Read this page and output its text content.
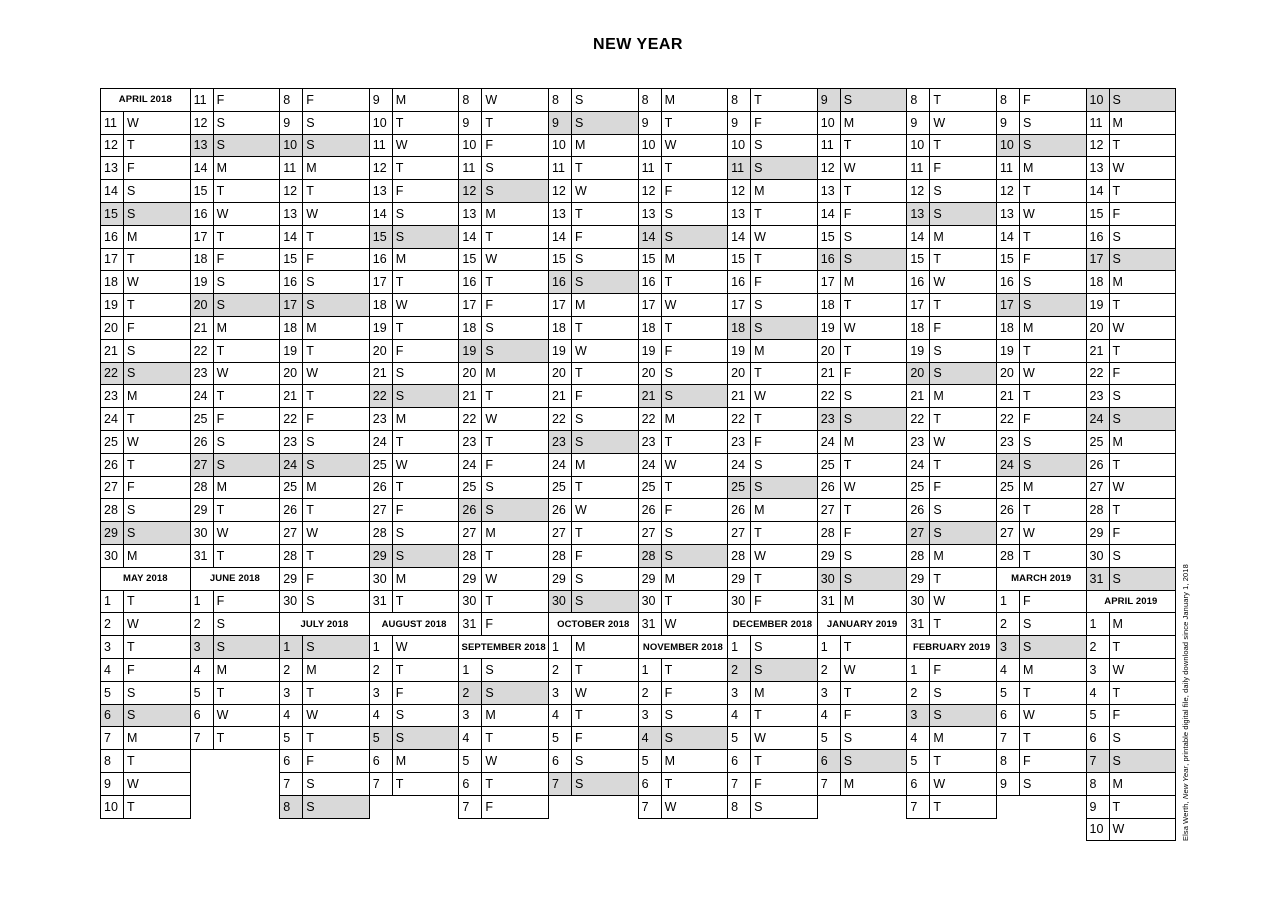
NEW YEAR
APRIL 2018
11 W
12 T
13 F
14 S
15 S
16 M
17 T
18 W
19 T
20 F
21 S
22 S
23 M
24 T
25 W
26 T
27 F
28 S
29 S
30 M
MAY 2018
1	T
2	W
3	T
4	F
5	S
6	S
7	M
8	T
9	W
10 T
11 F
12 S
13 S
14 M
15 T
16 W
17 T
18 F
19 S
20 S
21 M
22 T
23 W
24 T
25 F
26 S
27 S
28 M
29 T
30 W
31 T
JUNE 2018
1	F
2	S
3	S
4	M
5	T
6	W
7	T
8	F
9	S
10 S
11 M
12 T
13 W
14 T
15 F
16 S
17 S
18 M
19 T
20 W
21 T
22 F
23 S
24 S
25 M
26 T
27 W
28 T
29 F
30 S
JULY 2018
1	S
2	M
3	T
4	W
5	T
6	F
7	S
8	S
9	M
10 T
11 W
12 T
13 F
14 S
15 S
16 M
17 T
18 W
19 T
20 F
21 S
22 S
23 M
24 T
25 W
26 T
27 F
28 S
29 S
30 M
31 T
AUGUST 2018
1	W
2	T
3	F
4	S
5	S
6	M
7	T
8	W
9	T
10 F
11 S
12 S
13 M
14 T
15 W
16 T
17 F
18 S
19 S
20 M
21 T
22 W
23 T
24 F
25 S
26 S
27 M
28 T
29 W
30 T
31 F
SEPTEMBER 2018
1	S
2	S
3	M
4	T
5	W
6	T
7	F
8	S
9	S
10 M
11 T
12 W
13 T
14 F
15 S
16 S
17 M
18 T
19 W
20 T
21 F
22 S
23 S
24 M
25 T
26 W
27 T
28 F
29 S
30 S
OCTOBER 2018
1	M
2	T
3	W
4	T
5	F
6	S
7	S
8	M
9	T
10 W
11 T
12 F
13 S
14 S
15 M
16 T
17 W
18 T
19 F
20 S
21 S
22 M
23 T
24 W
25 T
26 F
27 S
28 S
29 M
30 T
31 W
NOVEMBER 2018
1	T
2	F
3	S
4	S
5	M
6	T
7	W
8	T
9	F
10 S
11 S
12 M
13 T
14 W
15 T
16 F
17 S
18 S
19 M
20 T
21 W
22 T
23 F
24 S
25 S
26 M
27 T
28 W
29 T
30 F
DECEMBER 2018
1	S
2	S
3	M
4	T
5	W
6	T
7	F
8	S
9	S
10 M
11 T
12 W
13 T
14 F
15 S
16 S
17 M
18 T
19 W
20 T
21 F
22 S
23 S
24 M
25 T
26 W
27 T
28 F
29 S
30 S
31 M
JANUARY 2019
1	T
2	W
3	T
4	F
5	S
6	S
7	M
8	T
9	W
10 T
11 F
12 S
13 S
14 M
15 T
16 W
17 T
18 F
19 S
20 S
21 M
22 T
23 W
24 T
25 F
26 S
27 S
28 M
29 T
30 W
31 T
FEBRUARY 2019
1	F
2	S
3	S
4	M
5	T
6	W
7	T
8	F
9	S
10 S
11 M
12 T
13 W
14 T
15 F
16 S
17 S
18 M
19 T
20 W
21 T
22 F
23 S
24 S
25 M
26 T
27 W
28 T
MARCH 2019
1	F
2	S
3	S
4	M
5	T
6	W
7	T
8	F
9	S
10 S
11 M
12 T
13 W
14 T
15 F
16 S
17 S
18 M
19 T
20 W
21 T
22 F
23 S
24 S
25 M
26 T
27 W
28 T
29 F
30 S
31 S
APRIL 2019
1	M
2	T
3	W
4	T
5	F
6	S
7	S
8	M
9	T
10 W	Elsa Werth, New Year, printable digital file, daily download since January 1, 2018
